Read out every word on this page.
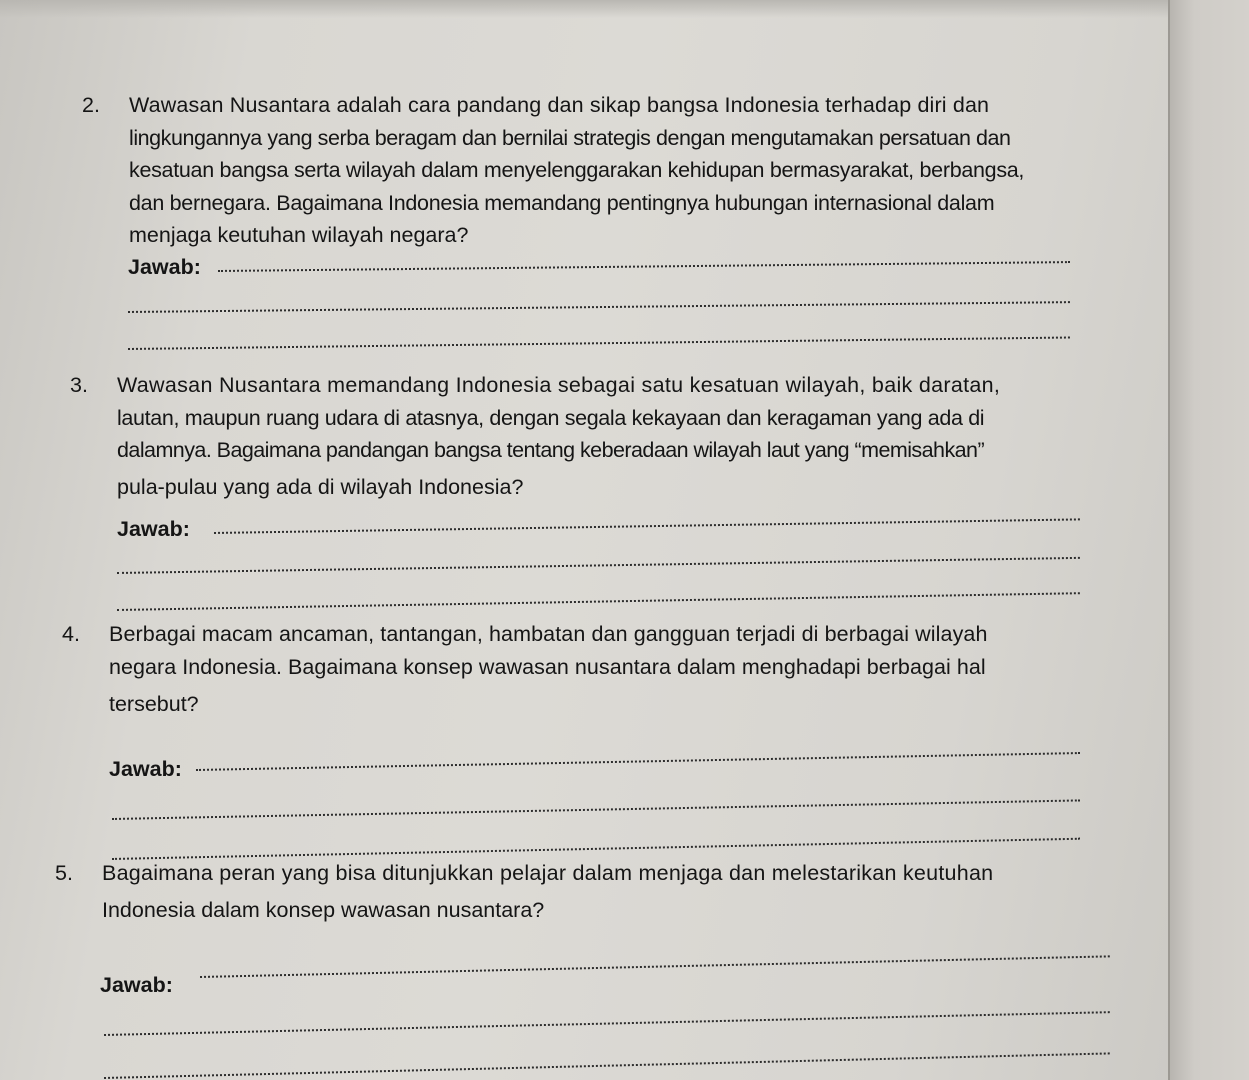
2. Wawasan Nusantara adalah cara pandang dan sikap bangsa Indonesia terhadap diri dan
lingkungannya yang serba beragam dan bernilai strategis dengan mengutamakan persatuan dan
kesatuan bangsa serta wilayah dalam menyelenggarakan kehidupan bermasyarakat, berbangsa,
dan bernegara. Bagaimana Indonesia memandang pentingnya hubungan internasional dalam
menjaga keutuhan wilayah negara?
Jawab:
3. Wawasan Nusantara memandang Indonesia sebagai satu kesatuan wilayah, baik daratan,
lautan, maupun ruang udara di atasnya, dengan segala kekayaan dan keragaman yang ada di
dalamnya. Bagaimana pandangan bangsa tentang keberadaan wilayah laut yang “memisahkan”
pula-pulau yang ada di wilayah Indonesia?
Jawab:
4. Berbagai macam ancaman, tantangan, hambatan dan gangguan terjadi di berbagai wilayah
negara Indonesia. Bagaimana konsep wawasan nusantara dalam menghadapi berbagai hal
tersebut?
Jawab:
5. Bagaimana peran yang bisa ditunjukkan pelajar dalam menjaga dan melestarikan keutuhan
Indonesia dalam konsep wawasan nusantara?
Jawab:
